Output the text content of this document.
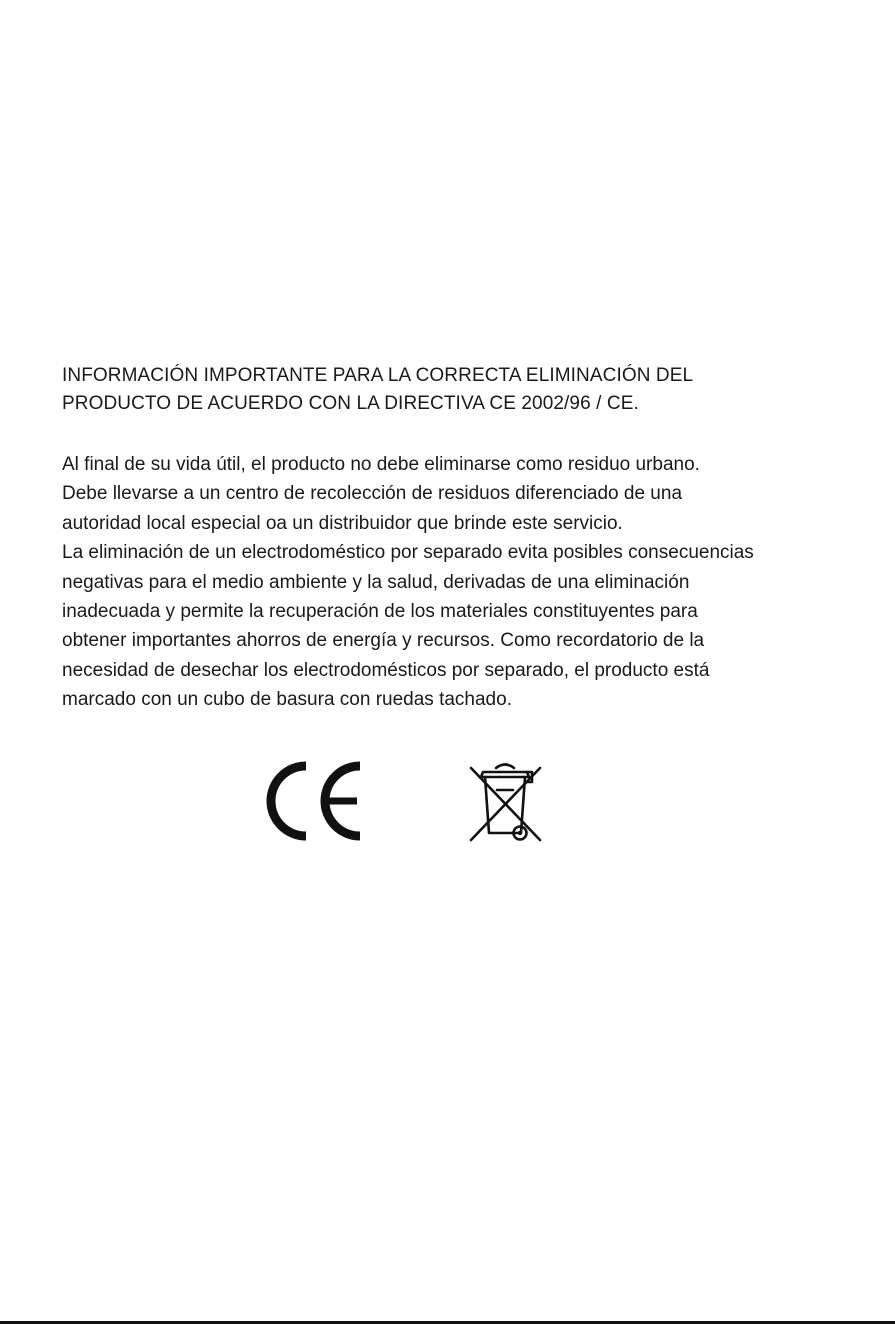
INFORMACIÓN IMPORTANTE PARA LA CORRECTA ELIMINACIÓN DEL
PRODUCTO DE ACUERDO CON LA DIRECTIVA CE 2002/96 / CE.
Al final de su vida útil, el producto no debe eliminarse como residuo urbano.
Debe llevarse a un centro de recolección de residuos diferenciado de una
autoridad local especial oa un distribuidor que brinde este servicio.
La eliminación de un electrodoméstico por separado evita posibles consecuencias
negativas para el medio ambiente y la salud, derivadas de una eliminación
inadecuada y permite la recuperación de los materiales constituyentes para
obtener importantes ahorros de energía y recursos. Como recordatorio de la
necesidad de desechar los electrodomésticos por separado, el producto está
marcado con un cubo de basura con ruedas tachado.
